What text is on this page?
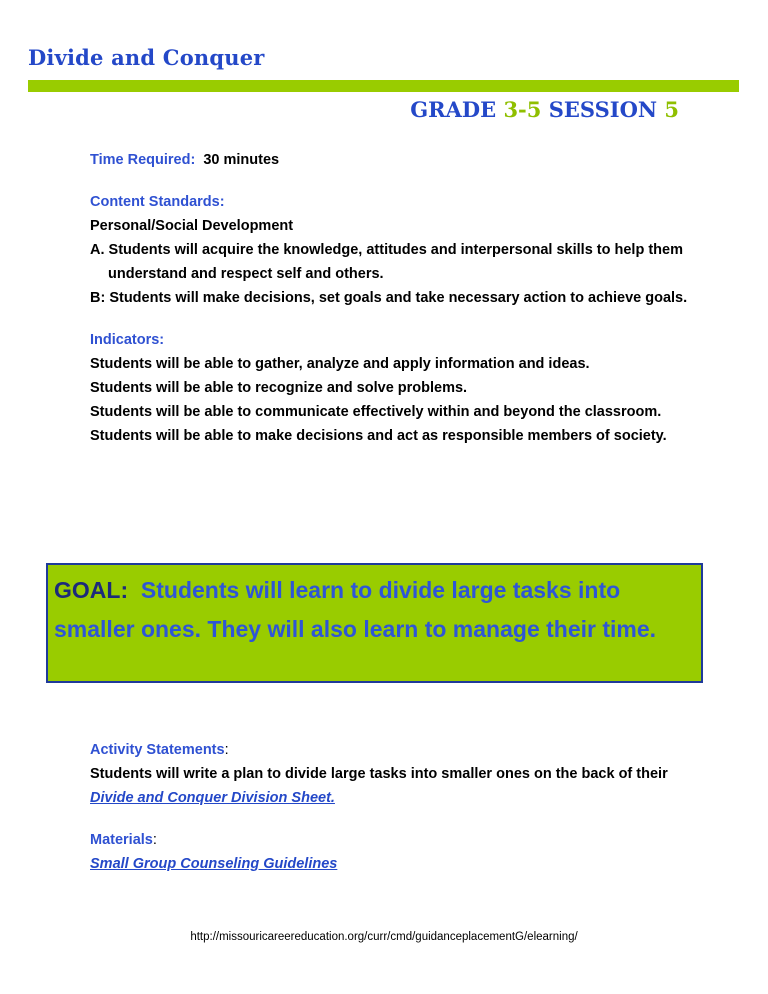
Divide and Conquer
GRADE 3-5 SESSION 5
Time Required: 30 minutes
Content Standards:
Personal/Social Development
A. Students will acquire the knowledge, attitudes and interpersonal skills to help them understand and respect self and others.
B: Students will make decisions, set goals and take necessary action to achieve goals.
Indicators:
Students will be able to gather, analyze and apply information and ideas.
Students will be able to recognize and solve problems.
Students will be able to communicate effectively within and beyond the classroom.
Students will be able to make decisions and act as responsible members of society.
GOAL: Students will learn to divide large tasks into smaller ones. They will also learn to manage their time.
Activity Statements:
Students will write a plan to divide large tasks into smaller ones on the back of their Divide and Conquer Division Sheet.
Materials:
Small Group Counseling Guidelines
http://missouricareereducation.org/curr/cmd/guidanceplacementG/elearning/
